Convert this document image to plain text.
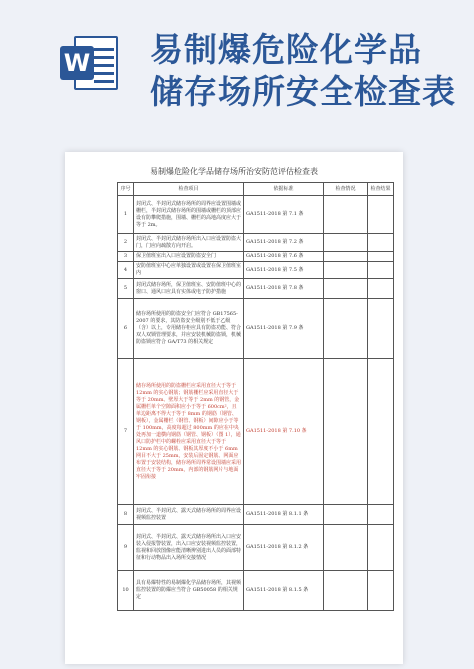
W 易制爆危险化学品
储存场所安全检查表
易制爆危险化学品储存场所治安防范评估检查表
序号	检查项目	依据标准	检查情况	检查结果
1	封闭式、半封闭式储存场所的周界应设置围墙或栅栏，半封闭式储存场所的围墙或栅栏的顶部应设有防攀爬措施，围墙、栅栏的高地高度应大于等于 2m。	GA1511-2018 第 7.1 条		
2	封闭式、半封闭式储存场所出入口应设置防盗大门，门应向疏散方向开启。	GA1511-2018 第 7.2 条		
3	保卫值班室出入口应设置防盗安全门	GA1511-2018 第 7.6 条		
4	安防值班室中心应单独设置或设置在保卫值班室内	GA1511-2018 第 7.5 条		
5	封闭式储存场所，保卫值班室、安防值班中心的窗口、通风口应具有实体或电子防护措施	GA1511-2018 第 7.8 条		
6	储存场所使用的防盗安全门应符合 GB17565-2007 的要求，其防盗安全级别不低于乙级（含）以上，专用储存柜应具有防盗功能、符合双人双锁管理要求，并应安装机械防盗锁，机械防盗锁应符合 GA/T73 的相关规定	GA1511-2018 第 7.9 条		
7	储存场所使用的防盗栅栏应采用直径大于等于 12mm 的实心钢筋；钢筋栅栏应采用直径大于等于 20mm、壁厚大于等于 2mm 的钢管，金属栅栏单个空隙面积应小于等于 600cm²，且单边距离不得大于等于 8mm 的钢筋（钢管、钢板），金属栅栏（钢管、钢板）间隙应小于等于 100mm，高度每超过 800mm 的应在中央处再加一道横向钢筋（钢管、钢板）（图 1），通风口防护栏中的螺栓应采用直径大于等于 12mm 的实心钢筋、钢板其厚度不小于 6mm 网目不大于 25mm，安装后固定钢筋、网面应布置于安装结构，储存场所周界常设围墙应采用直径大于等于 20mm，内部的钢筋网片与地面牢固衔接	GA1511-2018 第 7.10 条		
8	封闭式、半封闭式、露天式储存场所的周界应设视频监控装置	GA1511-2018 第 8.1.1 条		
9	封闭式、半封闭式、露天式储存场所出入口应安装入侵报警装置，出入口应安装视频监控装置，监视和回放图像应能清晰辨别进出人员的面部特征和行动物品出入场所交接情况	GA1511-2018 第 8.1.2 条		
10	具有易爆特性的易制爆化学品储存场所，其视频监控装置的防爆应当符合 GB50058 的相关规定	GA1511-2018 第 8.1.5 条		
